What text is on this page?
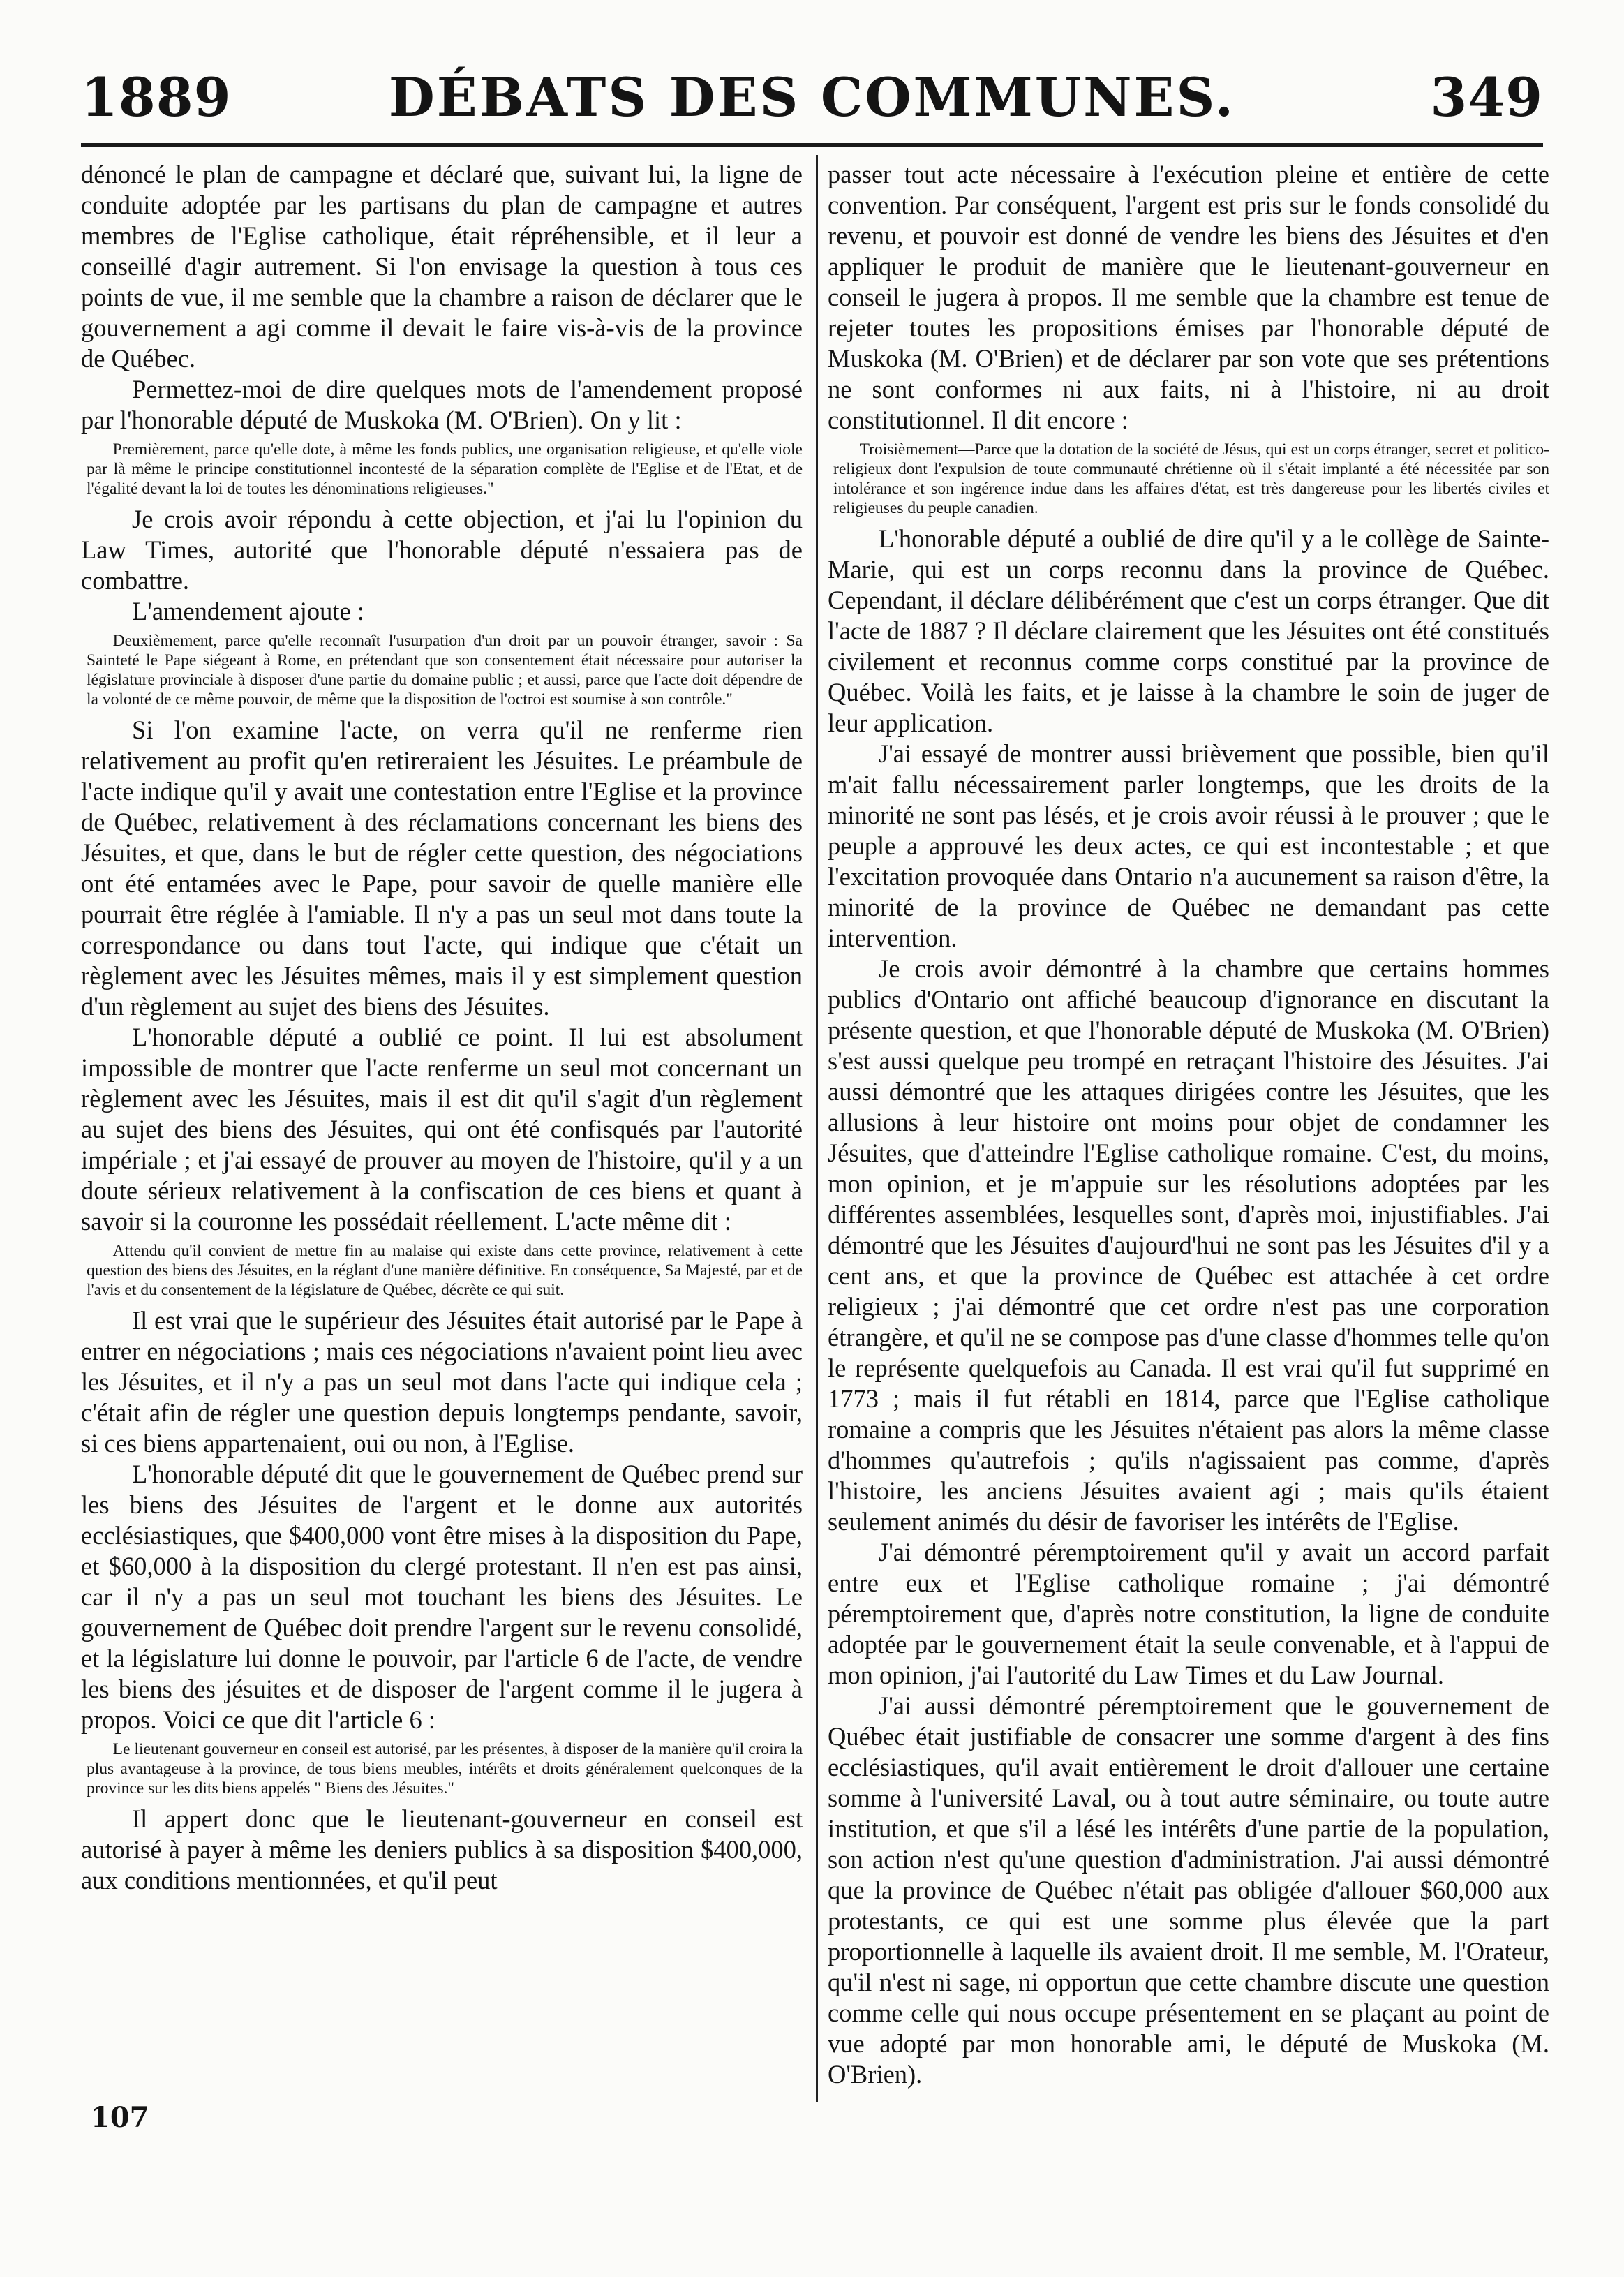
1889	DÉBATS DES COMMUNES.	349

dénoncé le plan de campagne et déclaré que, suivant lui, la ligne de conduite adoptée par les partisans du plan de campagne et autres membres de l'Eglise catholique, était répréhensible, et il leur a conseillé d'agir autrement. Si l'on envisage la question à tous ces points de vue, il me semble que la chambre a raison de déclarer que le gouvernement a agi comme il devait le faire vis-à-vis de la province de Québec.

Permettez-moi de dire quelques mots de l'amendement proposé par l'honorable député de Muskoka (M. O'Brien). On y lit :

Premièrement, parce qu'elle dote, à même les fonds publics, une organisation religieuse, et qu'elle viole par là même le principe constitutionnel incontesté de la séparation complète de l'Eglise et de l'Etat, et de l'égalité devant la loi de toutes les dénominations religieuses."

Je crois avoir répondu à cette objection, et j'ai lu l'opinion du Law Times, autorité que l'honorable député n'essaiera pas de combattre.

L'amendement ajoute :

Deuxièmement, parce qu'elle reconnaît l'usurpation d'un droit par un pouvoir étranger, savoir : Sa Sainteté le Pape siégeant à Rome, en prétendant que son consentement était nécessaire pour autoriser la législature provinciale à disposer d'une partie du domaine public ; et aussi, parce que l'acte doit dépendre de la volonté de ce même pouvoir, de même que la disposition de l'octroi est soumise à son contrôle."

Si l'on examine l'acte, on verra qu'il ne renferme rien relativement au profit qu'en retireraient les Jésuites. Le préambule de l'acte indique qu'il y avait une contestation entre l'Eglise et la province de Québec, relativement à des réclamations concernant les biens des Jésuites, et que, dans le but de régler cette question, des négociations ont été entamées avec le Pape, pour savoir de quelle manière elle pourrait être réglée à l'amiable. Il n'y a pas un seul mot dans toute la correspondance ou dans tout l'acte, qui indique que c'était un règlement avec les Jésuites mêmes, mais il y est simplement question d'un règlement au sujet des biens des Jésuites.

L'honorable député a oublié ce point. Il lui est absolument impossible de montrer que l'acte renferme un seul mot concernant un règlement avec les Jésuites, mais il est dit qu'il s'agit d'un règlement au sujet des biens des Jésuites, qui ont été confisqués par l'autorité impériale ; et j'ai essayé de prouver au moyen de l'histoire, qu'il y a un doute sérieux relativement à la confiscation de ces biens et quant à savoir si la couronne les possédait réellement. L'acte même dit :

Attendu qu'il convient de mettre fin au malaise qui existe dans cette province, relativement à cette question des biens des Jésuites, en la réglant d'une manière définitive. En conséquence, Sa Majesté, par et de l'avis et du consentement de la législature de Québec, décrète ce qui suit.

Il est vrai que le supérieur des Jésuites était autorisé par le Pape à entrer en négociations ; mais ces négociations n'avaient point lieu avec les Jésuites, et il n'y a pas un seul mot dans l'acte qui indique cela ; c'était afin de régler une question depuis longtemps pendante, savoir, si ces biens appartenaient, oui ou non, à l'Eglise.

L'honorable député dit que le gouvernement de Québec prend sur les biens des Jésuites de l'argent et le donne aux autorités ecclésiastiques, que $400,000 vont être mises à la disposition du Pape, et $60,000 à la disposition du clergé protestant. Il n'en est pas ainsi, car il n'y a pas un seul mot touchant les biens des Jésuites. Le gouvernement de Québec doit prendre l'argent sur le revenu consolidé, et la législature lui donne le pouvoir, par l'article 6 de l'acte, de vendre les biens des jésuites et de disposer de l'argent comme il le jugera à propos. Voici ce que dit l'article 6 :

Le lieutenant gouverneur en conseil est autorisé, par les présentes, à disposer de la manière qu'il croira la plus avantageuse à la province, de tous biens meubles, intérêts et droits généralement quelconques de la province sur les dits biens appelés " Biens des Jésuites."

Il appert donc que le lieutenant-gouverneur en conseil est autorisé à payer à même les deniers publics à sa disposition $400,000, aux conditions mentionnées, et qu'il peut

passer tout acte nécessaire à l'exécution pleine et entière de cette convention. Par conséquent, l'argent est pris sur le fonds consolidé du revenu, et pouvoir est donné de vendre les biens des Jésuites et d'en appliquer le produit de manière que le lieutenant-gouverneur en conseil le jugera à propos. Il me semble que la chambre est tenue de rejeter toutes les propositions émises par l'honorable député de Muskoka (M. O'Brien) et de déclarer par son vote que ses prétentions ne sont conformes ni aux faits, ni à l'histoire, ni au droit constitutionnel. Il dit encore :

Troisièmement—Parce que la dotation de la société de Jésus, qui est un corps étranger, secret et politico-religieux dont l'expulsion de toute communauté chrétienne où il s'était implanté a été nécessitée par son intolérance et son ingérence indue dans les affaires d'état, est très dangereuse pour les libertés civiles et religieuses du peuple canadien.

L'honorable député a oublié de dire qu'il y a le collège de Sainte-Marie, qui est un corps reconnu dans la province de Québec. Cependant, il déclare délibérément que c'est un corps étranger. Que dit l'acte de 1887 ? Il déclare clairement que les Jésuites ont été constitués civilement et reconnus comme corps constitué par la province de Québec. Voilà les faits, et je laisse à la chambre le soin de juger de leur application.

J'ai essayé de montrer aussi brièvement que possible, bien qu'il m'ait fallu nécessairement parler longtemps, que les droits de la minorité ne sont pas lésés, et je crois avoir réussi à le prouver ; que le peuple a approuvé les deux actes, ce qui est incontestable ; et que l'excitation provoquée dans Ontario n'a aucunement sa raison d'être, la minorité de la province de Québec ne demandant pas cette intervention.

Je crois avoir démontré à la chambre que certains hommes publics d'Ontario ont affiché beaucoup d'ignorance en discutant la présente question, et que l'honorable député de Muskoka (M. O'Brien) s'est aussi quelque peu trompé en retraçant l'histoire des Jésuites. J'ai aussi démontré que les attaques dirigées contre les Jésuites, que les allusions à leur histoire ont moins pour objet de condamner les Jésuites, que d'atteindre l'Eglise catholique romaine. C'est, du moins, mon opinion, et je m'appuie sur les résolutions adoptées par les différentes assemblées, lesquelles sont, d'après moi, injustifiables. J'ai démontré que les Jésuites d'aujourd'hui ne sont pas les Jésuites d'il y a cent ans, et que la province de Québec est attachée à cet ordre religieux ; j'ai démontré que cet ordre n'est pas une corporation étrangère, et qu'il ne se compose pas d'une classe d'hommes telle qu'on le représente quelquefois au Canada. Il est vrai qu'il fut supprimé en 1773 ; mais il fut rétabli en 1814, parce que l'Eglise catholique romaine a compris que les Jésuites n'étaient pas alors la même classe d'hommes qu'autrefois ; qu'ils n'agissaient pas comme, d'après l'histoire, les anciens Jésuites avaient agi ; mais qu'ils étaient seulement animés du désir de favoriser les intérêts de l'Eglise.

J'ai démontré péremptoirement qu'il y avait un accord parfait entre eux et l'Eglise catholique romaine ; j'ai démontré péremptoirement que, d'après notre constitution, la ligne de conduite adoptée par le gouvernement était la seule convenable, et à l'appui de mon opinion, j'ai l'autorité du Law Times et du Law Journal.

J'ai aussi démontré péremptoirement que le gouvernement de Québec était justifiable de consacrer une somme d'argent à des fins ecclésiastiques, qu'il avait entièrement le droit d'allouer une certaine somme à l'université Laval, ou à tout autre séminaire, ou toute autre institution, et que s'il a lésé les intérêts d'une partie de la population, son action n'est qu'une question d'administration. J'ai aussi démontré que la province de Québec n'était pas obligée d'allouer $60,000 aux protestants, ce qui est une somme plus élevée que la part proportionnelle à laquelle ils avaient droit. Il me semble, M. l'Orateur, qu'il n'est ni sage, ni opportun que cette chambre discute une question comme celle qui nous occupe présentement en se plaçant au point de vue adopté par mon honorable ami, le député de Muskoka (M. O'Brien).

107
